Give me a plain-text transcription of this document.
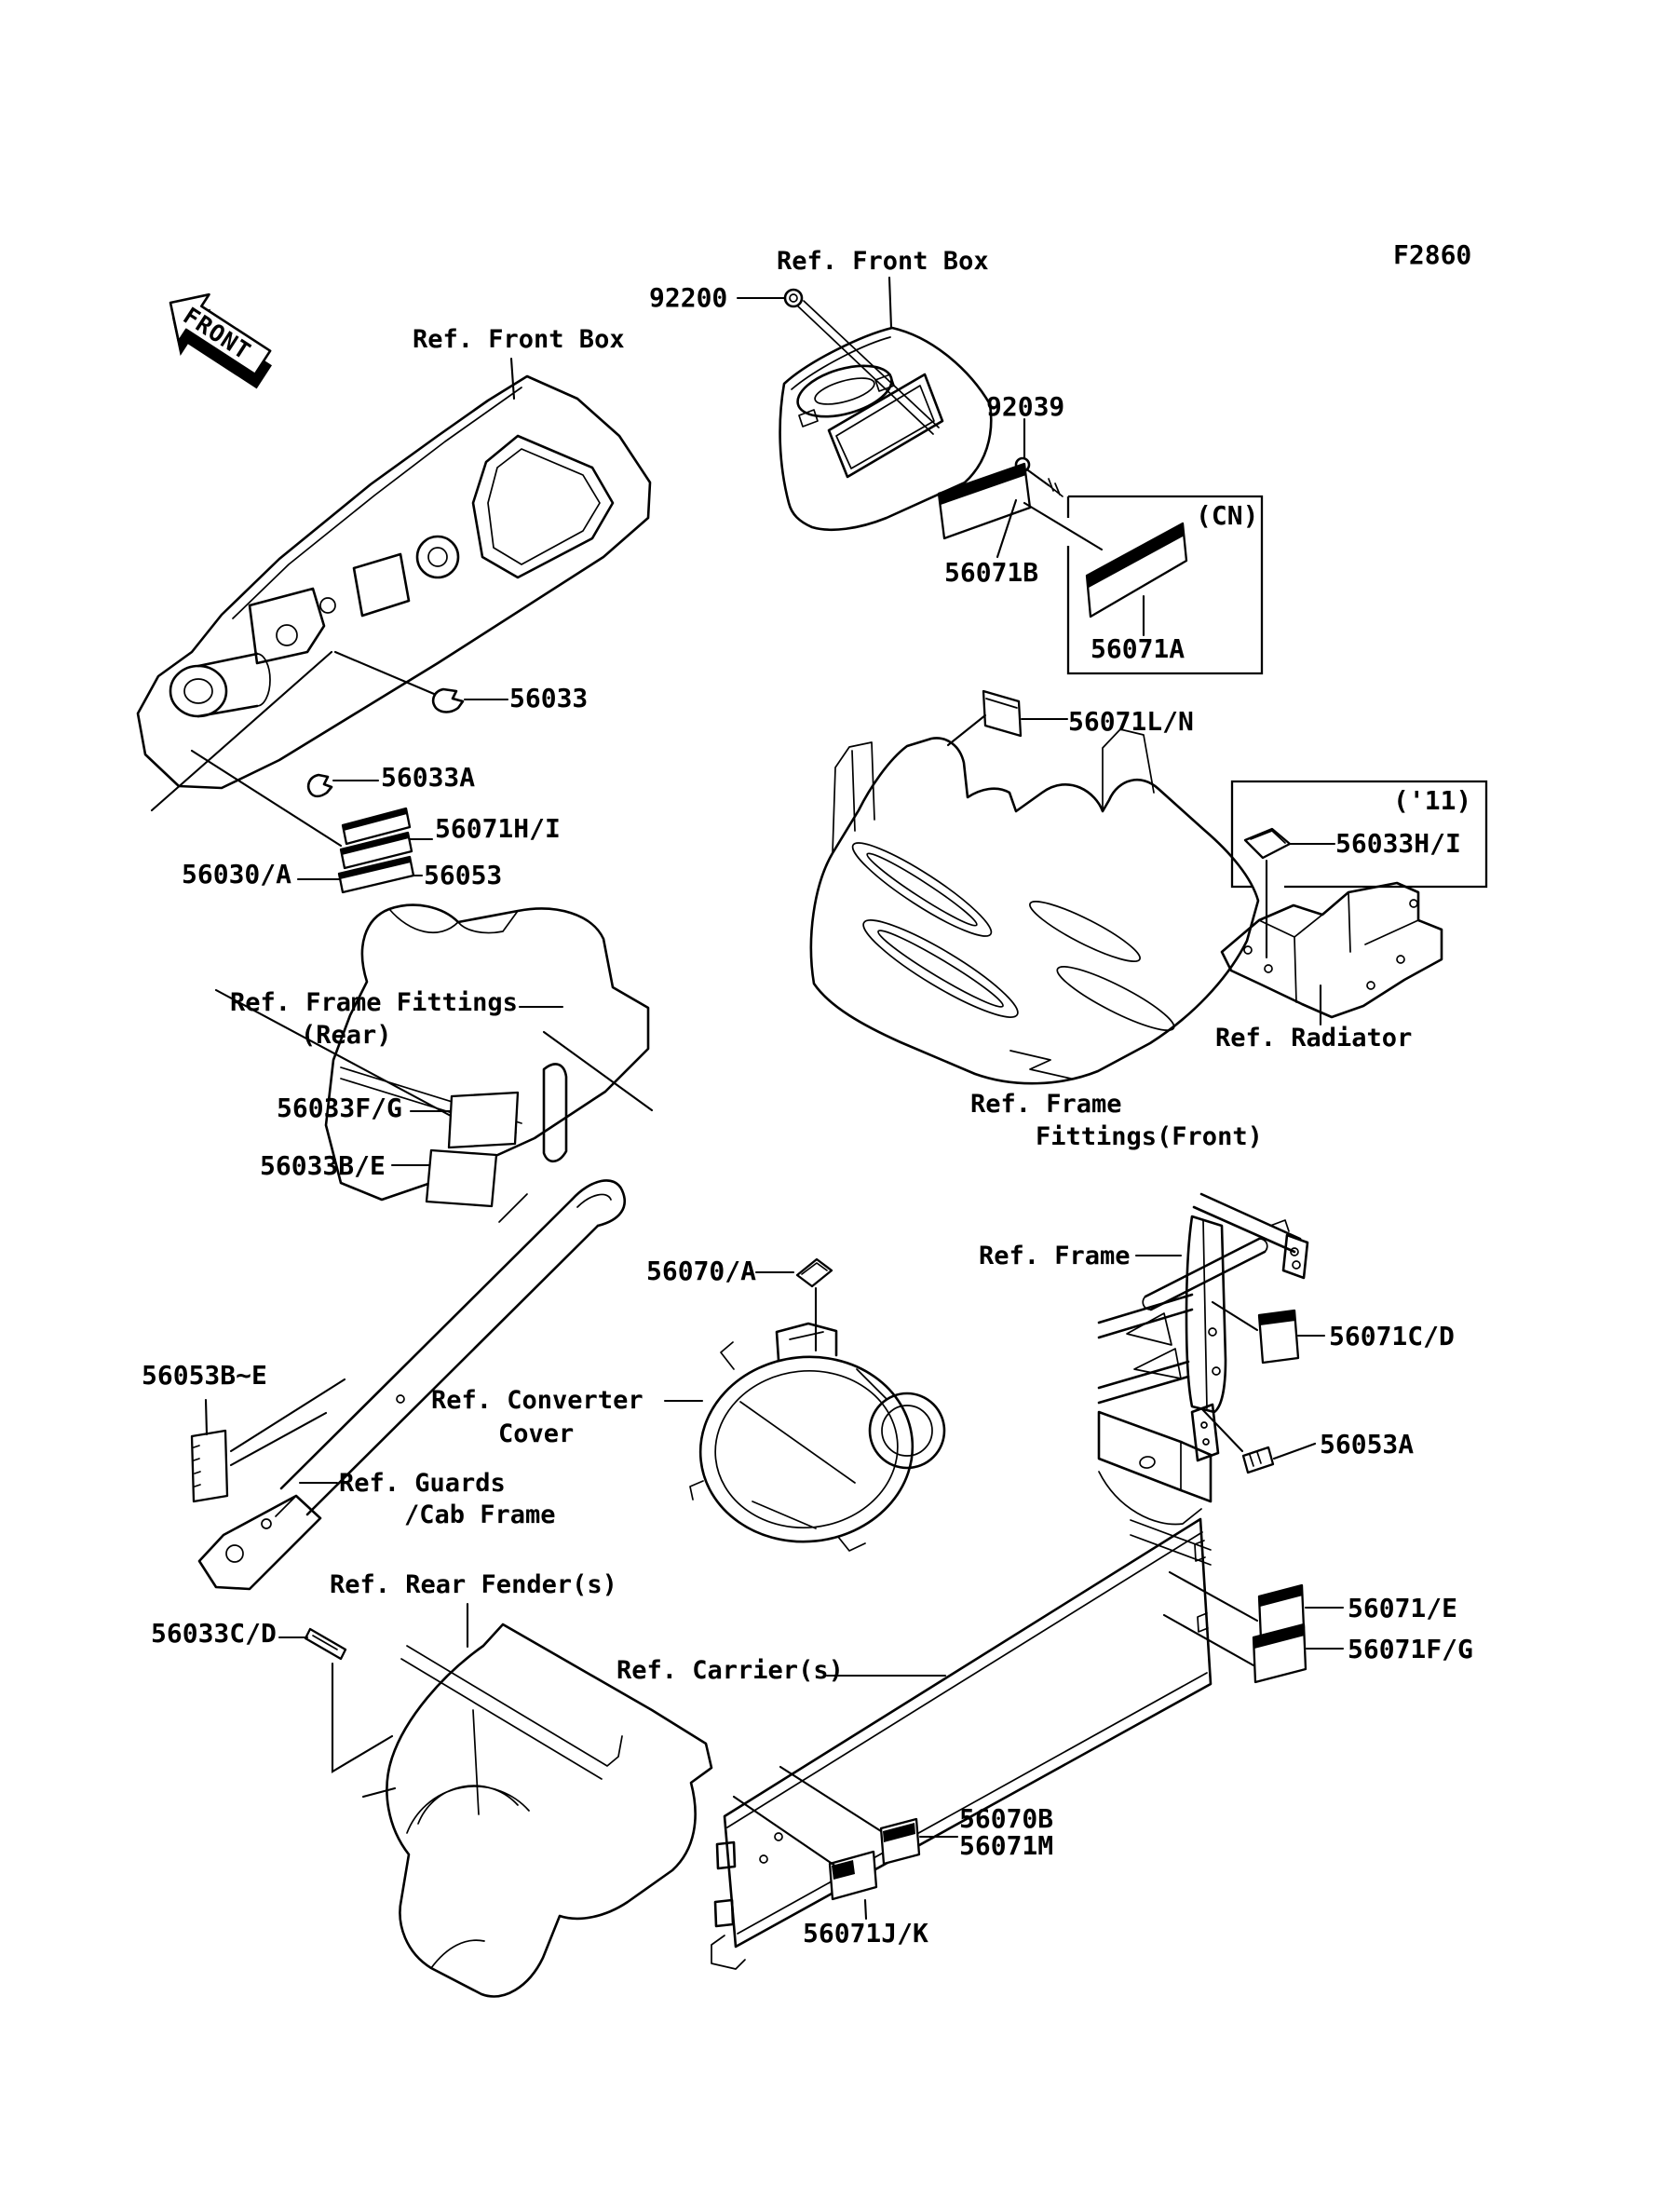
FRONT
F2860
Ref. Front Box
Ref. Front Box
92200
92039
56071B
(CN)
56071A
56071L/N
('11)
56033H/I
Ref. Radiator
56033
56033A
56071H/I
56030/A	56053
Ref. Frame Fittings
(Rear)
56033F/G
56033B/E
56070/A
Ref. Frame
Fittings(Front)
Ref. Frame
56071C/D
56053B~E
Ref. Converter
Cover	56053A
Ref. Guards
/Cab Frame
Ref. Rear Fender(s)
56033C/D
Ref. Carrier(s)
56071/E
56071F/G
56070B
56071M
56071J/K
